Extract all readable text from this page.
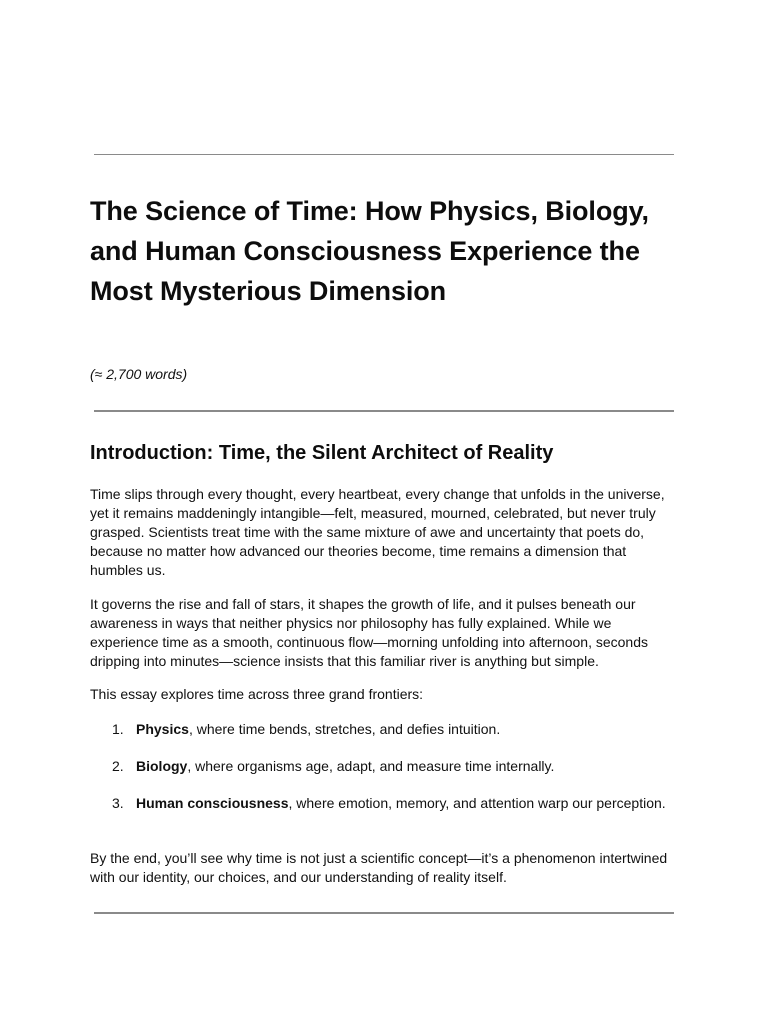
The Science of Time: How Physics, Biology, and Human Consciousness Experience the Most Mysterious Dimension

(≈ 2,700 words)

Introduction: Time, the Silent Architect of Reality

Time slips through every thought, every heartbeat, every change that unfolds in the universe, yet it remains maddeningly intangible—felt, measured, mourned, celebrated, but never truly grasped. Scientists treat time with the same mixture of awe and uncertainty that poets do, because no matter how advanced our theories become, time remains a dimension that humbles us.

It governs the rise and fall of stars, it shapes the growth of life, and it pulses beneath our awareness in ways that neither physics nor philosophy has fully explained. While we experience time as a smooth, continuous flow—morning unfolding into afternoon, seconds dripping into minutes—science insists that this familiar river is anything but simple.

This essay explores time across three grand frontiers:

1. Physics, where time bends, stretches, and defies intuition.
2. Biology, where organisms age, adapt, and measure time internally.
3. Human consciousness, where emotion, memory, and attention warp our perception.

By the end, you’ll see why time is not just a scientific concept—it’s a phenomenon intertwined with our identity, our choices, and our understanding of reality itself.
